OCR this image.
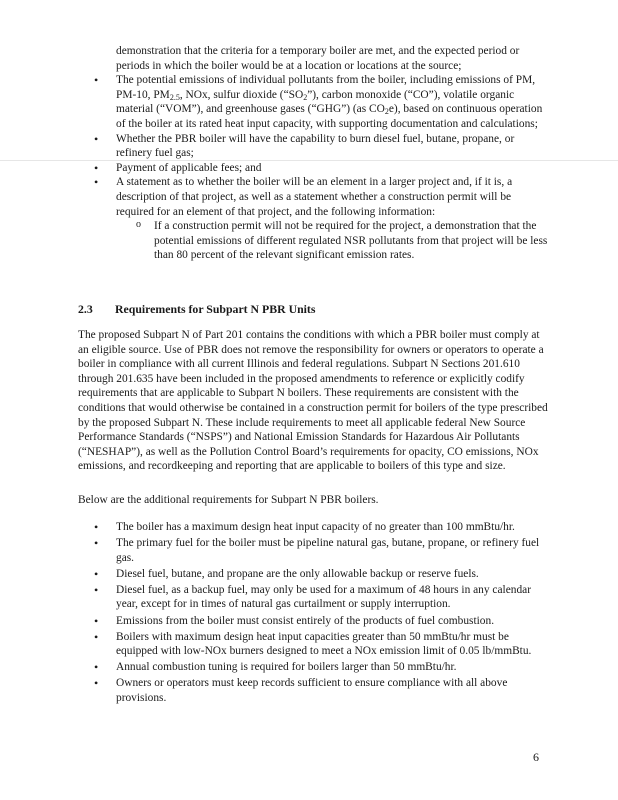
demonstration that the criteria for a temporary boiler are met, and the expected period or periods in which the boiler would be at a location or locations at the source;
• The potential emissions of individual pollutants from the boiler, including emissions of PM, PM-10, $PM_{2.5}$, NOx, sulfur dioxide $(“SO_2”)$, carbon monoxide (“CO”), volatile organic material (“VOM”), and greenhouse gases (“GHG”) (as $CO_2e$), based on continuous operation of the boiler at its rated heat input capacity, with supporting documentation and calculations;
• Whether the PBR boiler will have the capability to burn diesel fuel, butane, propane, or refinery fuel gas;
• Payment of applicable fees; and
• A statement as to whether the boiler will be an element in a larger project and, if it is, a description of that project, as well as a statement whether a construction permit will be required for an element of that project, and the following information:
o If a construction permit will not be required for the project, a demonstration that the potential emissions of different regulated NSR pollutants from that project will be less than 80 percent of the relevant significant emission rates.
2.3 Requirements for Subpart N PBR Units

The proposed Subpart N of Part 201 contains the conditions with which a PBR boiler must comply at an eligible source. Use of PBR does not remove the responsibility for owners or operators to operate a boiler in compliance with all current Illinois and federal regulations. Subpart N Sections 201.610 through 201.635 have been included in the proposed amendments to reference or explicitly codify requirements that are applicable to Subpart N boilers. These requirements are consistent with the conditions that would otherwise be contained in a construction permit for boilers of the type prescribed by the proposed Subpart N. These include requirements to meet all applicable federal New Source Performance Standards (“NSPS”) and National Emission Standards for Hazardous Air Pollutants (“NESHAP”), as well as the Pollution Control Board’s requirements for opacity, CO emissions, NOx emissions, and recordkeeping and reporting that are applicable to boilers of this type and size.

Below are the additional requirements for Subpart N PBR boilers.

• The boiler has a maximum design heat input capacity of no greater than 100 mmBtu/hr.
• The primary fuel for the boiler must be pipeline natural gas, butane, propane, or refinery fuel gas.
• Diesel fuel, butane, and propane are the only allowable backup or reserve fuels.
• Diesel fuel, as a backup fuel, may only be used for a maximum of 48 hours in any calendar year, except for in times of natural gas curtailment or supply interruption.
• Emissions from the boiler must consist entirely of the products of fuel combustion.
• Boilers with maximum design heat input capacities greater than 50 mmBtu/hr must be equipped with low-NOx burners designed to meet a NOx emission limit of 0.05 lb/mmBtu.
• Annual combustion tuning is required for boilers larger than 50 mmBtu/hr.
• Owners or operators must keep records sufficient to ensure compliance with all above provisions.
6
